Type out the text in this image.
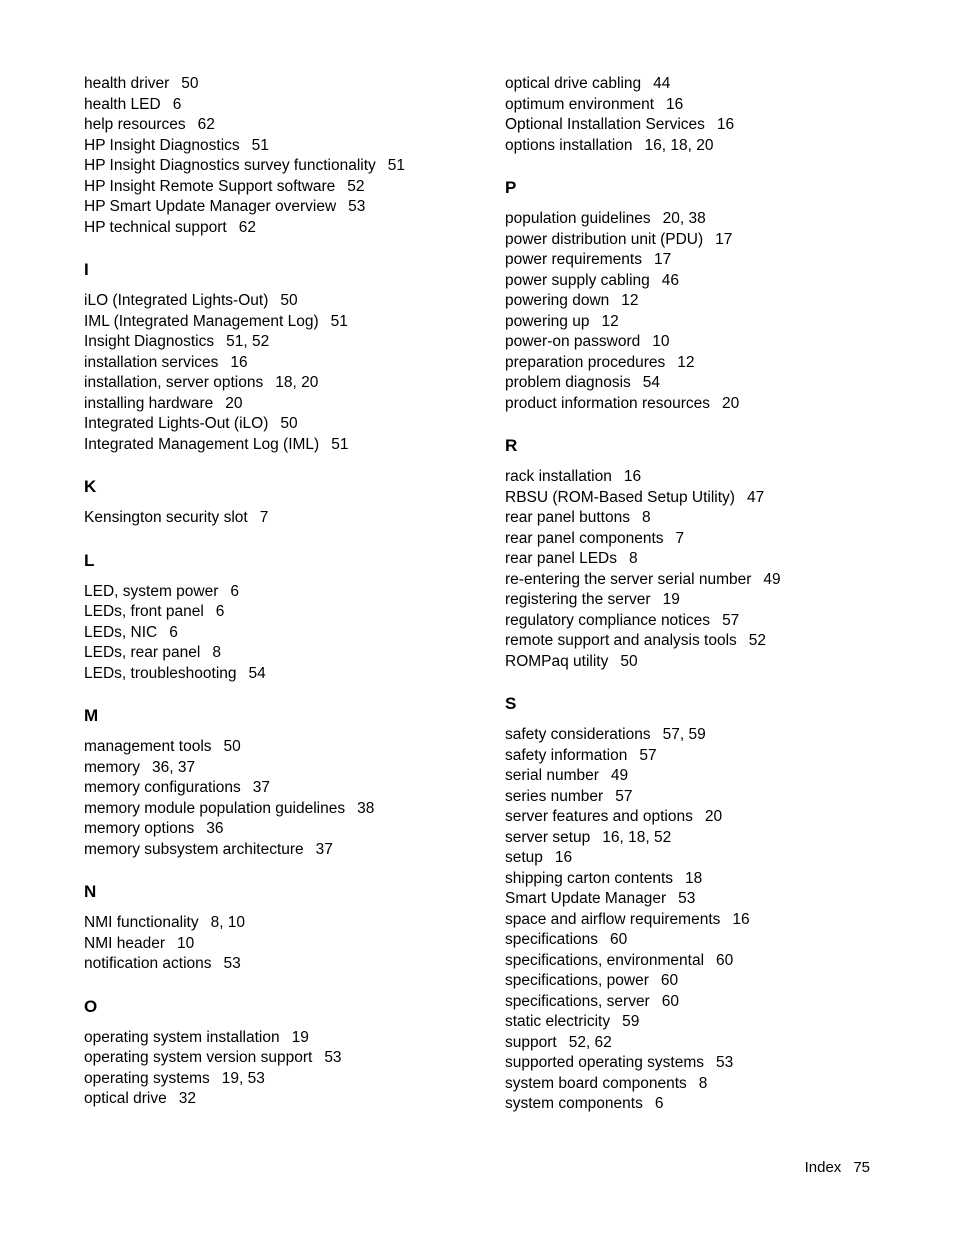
health driver 50
health LED 6
help resources 62
HP Insight Diagnostics 51
HP Insight Diagnostics survey functionality 51
HP Insight Remote Support software 52
HP Smart Update Manager overview 53
HP technical support 62
I
iLO (Integrated Lights-Out) 50
IML (Integrated Management Log) 51
Insight Diagnostics 51, 52
installation services 16
installation, server options 18, 20
installing hardware 20
Integrated Lights-Out (iLO) 50
Integrated Management Log (IML) 51
K
Kensington security slot 7
L
LED, system power 6
LEDs, front panel 6
LEDs, NIC 6
LEDs, rear panel 8
LEDs, troubleshooting 54
M
management tools 50
memory 36, 37
memory configurations 37
memory module population guidelines 38
memory options 36
memory subsystem architecture 37
N
NMI functionality 8, 10
NMI header 10
notification actions 53
O
operating system installation 19
operating system version support 53
operating systems 19, 53
optical drive 32
optical drive cabling 44
optimum environment 16
Optional Installation Services 16
options installation 16, 18, 20
P
population guidelines 20, 38
power distribution unit (PDU) 17
power requirements 17
power supply cabling 46
powering down 12
powering up 12
power-on password 10
preparation procedures 12
problem diagnosis 54
product information resources 20
R
rack installation 16
RBSU (ROM-Based Setup Utility) 47
rear panel buttons 8
rear panel components 7
rear panel LEDs 8
re-entering the server serial number 49
registering the server 19
regulatory compliance notices 57
remote support and analysis tools 52
ROMPaq utility 50
S
safety considerations 57, 59
safety information 57
serial number 49
series number 57
server features and options 20
server setup 16, 18, 52
setup 16
shipping carton contents 18
Smart Update Manager 53
space and airflow requirements 16
specifications 60
specifications, environmental 60
specifications, power 60
specifications, server 60
static electricity 59
support 52, 62
supported operating systems 53
system board components 8
system components 6
Index 75
